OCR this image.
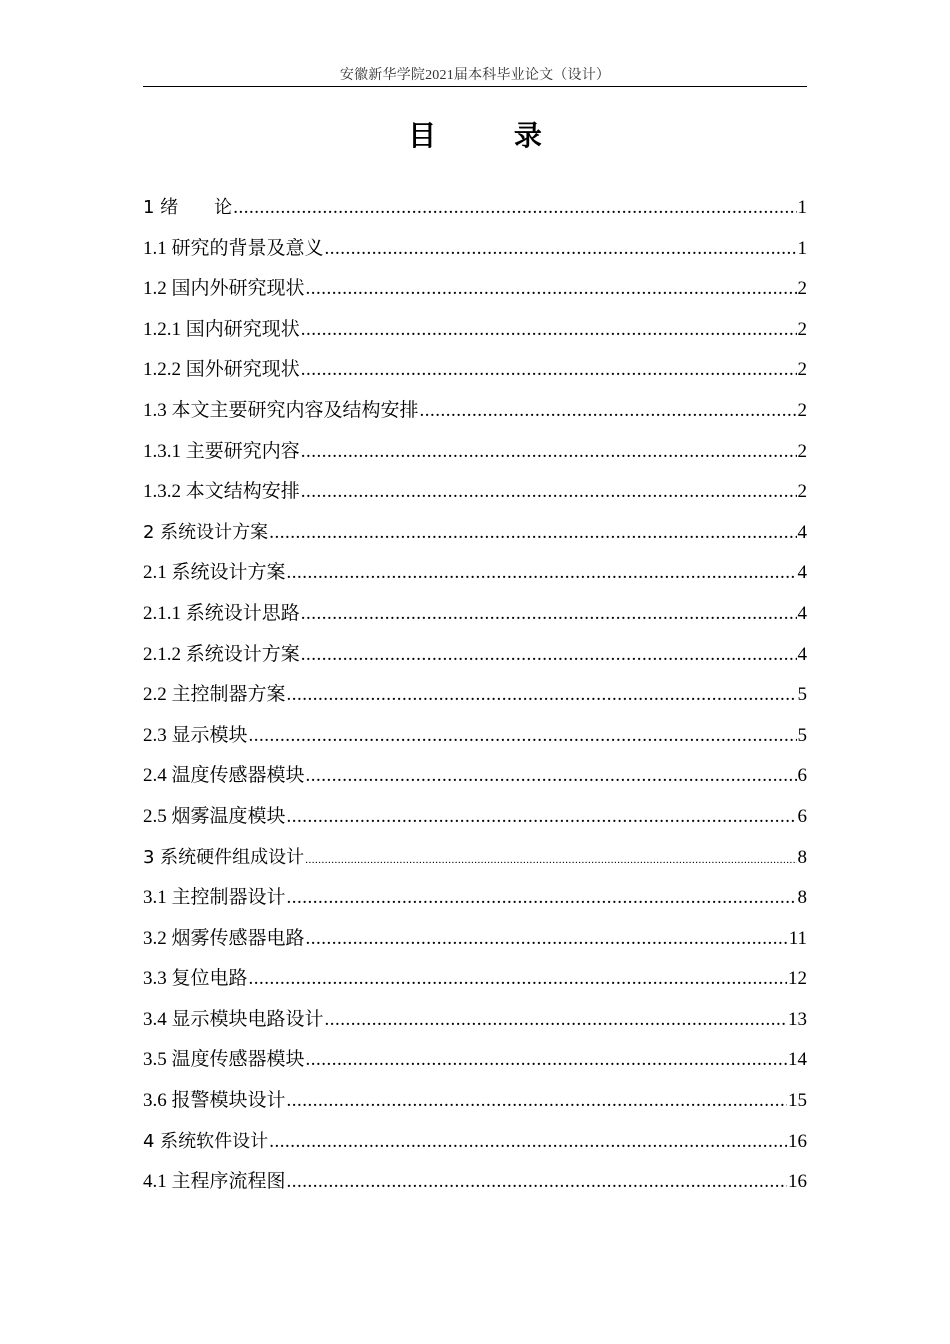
安徽新华学院2021届本科毕业论文（设计）
目 录
1 绪　　论 .....	1
1.1 研究的背景及意义 .....	1
1.2 国内外研究现状 .....	2
1.2.1 国内研究现状 .....	2
1.2.2 国外研究现状 .....	2
1.3 本文主要研究内容及结构安排 .....	2
1.3.1 主要研究内容 .....	2
1.3.2 本文结构安排 .....	2
2 系统设计方案 .....	4
2.1 系统设计方案 .....	4
2.1.1 系统设计思路 .....	4
2.1.2 系统设计方案 .....	4
2.2 主控制器方案 .....	5
2.3 显示模块 .....	5
2.4 温度传感器模块 .....	6
2.5 烟雾温度模块 .....	6
3 系统硬件组成设计 .....	8
3.1 主控制器设计 .....	8
3.2 烟雾传感器电路 .....	11
3.3 复位电路 .....	12
3.4 显示模块电路设计 .....	13
3.5 温度传感器模块 .....	14
3.6 报警模块设计 .....	15
4 系统软件设计 .....	16
4.1 主程序流程图 .....	16
